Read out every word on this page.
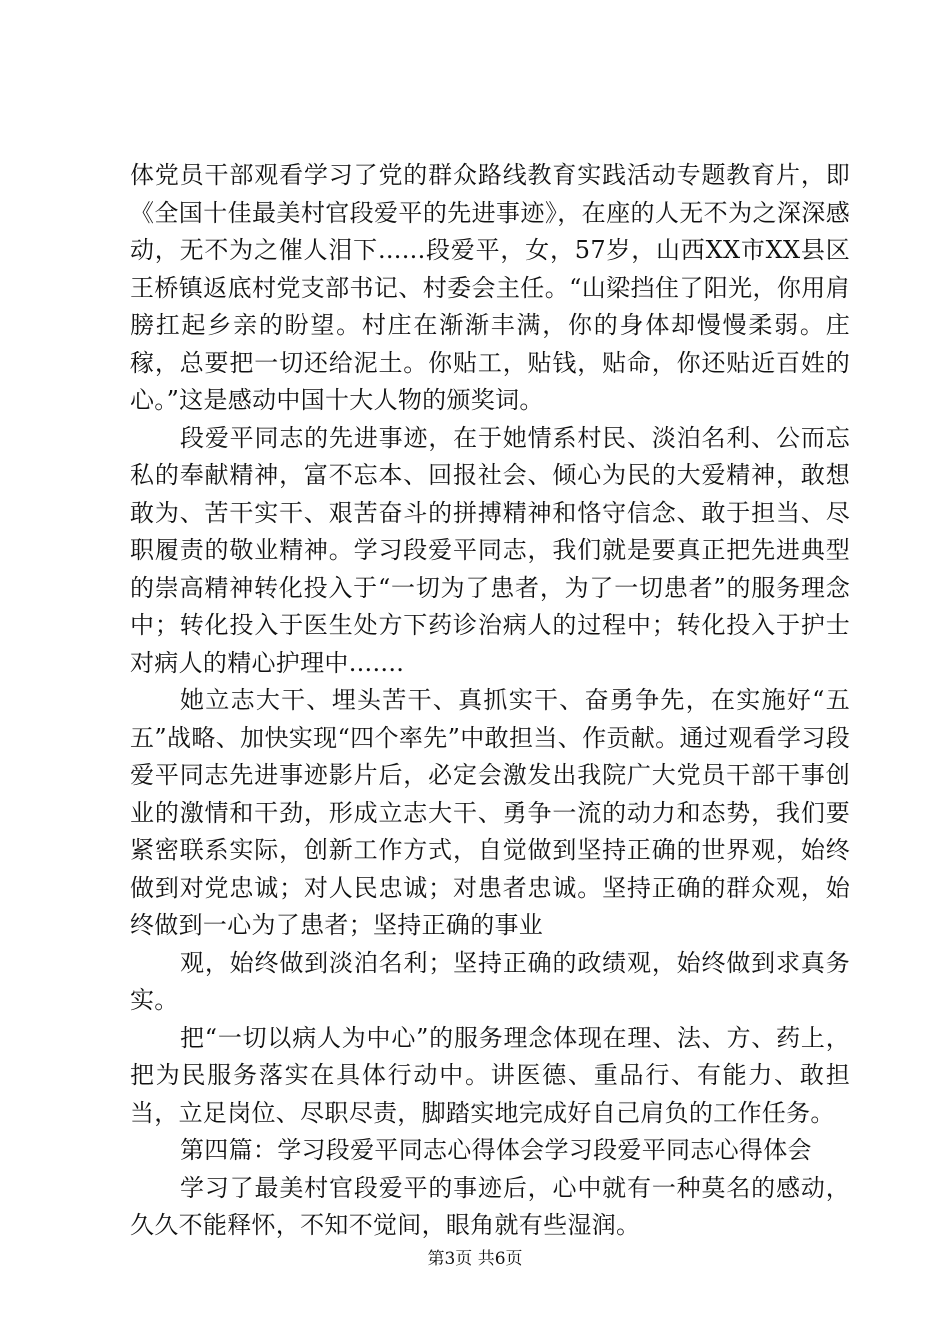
体党员干部观看学习了党的群众路线教育实践活动专题教育片，即《全国十佳最美村官段爱平的先进事迹》，在座的人无不为之深深感动，无不为之催人泪下......段爱平，女，57岁，山西XX市XX县区王桥镇返底村党支部书记、村委会主任。“山梁挡住了阳光，你用肩膀扛起乡亲的盼望。村庄在渐渐丰满，你的身体却慢慢柔弱。庄稼，总要把一切还给泥土。你贴工，贴钱，贴命，你还贴近百姓的心。”这是感动中国十大人物的颁奖词。

段爱平同志的先进事迹，在于她情系村民、淡泊名利、公而忘私的奉献精神，富不忘本、回报社会、倾心为民的大爱精神，敢想敢为、苦干实干、艰苦奋斗的拼搏精神和恪守信念、敢于担当、尽职履责的敬业精神。学习段爱平同志，我们就是要真正把先进典型的崇高精神转化投入于“一切为了患者，为了一切患者”的服务理念中；转化投入于医生处方下药诊治病人的过程中；转化投入于护士对病人的精心护理中.......

她立志大干、埋头苦干、真抓实干、奋勇争先，在实施好“五五”战略、加快实现“四个率先”中敢担当、作贡献。通过观看学习段爱平同志先进事迹影片后，必定会激发出我院广大党员干部干事创业的激情和干劲，形成立志大干、勇争一流的动力和态势，我们要紧密联系实际，创新工作方式，自觉做到坚持正确的世界观，始终做到对党忠诚；对人民忠诚；对患者忠诚。坚持正确的群众观，始终做到一心为了患者；坚持正确的事业

观，始终做到淡泊名利；坚持正确的政绩观，始终做到求真务实。

把“一切以病人为中心”的服务理念体现在理、法、方、药上，把为民服务落实在具体行动中。讲医德、重品行、有能力、敢担当，立足岗位、尽职尽责，脚踏实地完成好自己肩负的工作任务。

第四篇：学习段爱平同志心得体会学习段爱平同志心得体会

学习了最美村官段爱平的事迹后，心中就有一种莫名的感动，久久不能释怀，不知不觉间，眼角就有些湿润。

第3页 共6页
